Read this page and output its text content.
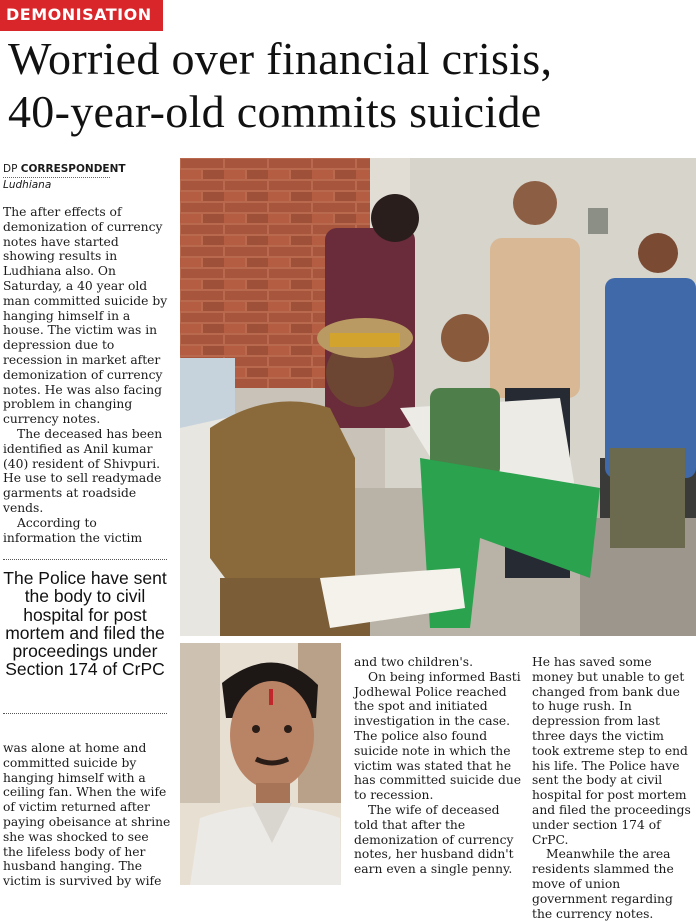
DEMONISATION
Worried over financial crisis,
40-year-old commits suicide
DP CORRESPONDENT
Ludhiana

The after effects of demonization of currency notes have started showing results in Ludhiana also. On Saturday, a 40 year old man committed suicide by hanging himself in a house. The victim was in depression due to recession in market after demonization of currency notes. He was also facing problem in changing currency notes.

The deceased has been identified as Anil kumar (40) resident of Shivpuri. He use to sell readymade garments at roadside vends.

According to information the victim

The Police have sent the body to civil hospital for post mortem and filed the proceedings under Section 174 of CrPC

was alone at home and committed suicide by hanging himself with a ceiling fan. When the wife of victim returned after paying obeisance at shrine she was shocked to see the lifeless body of her husband hanging. The victim is survived by wife

and two children's.

On being informed Basti Jodhewal Police reached the spot and initiated investigation in the case. The police also found suicide note in which the victim was stated that he has committed suicide due to recession.

The wife of deceased told that after the demonization of currency notes, her husband didn't earn even a single penny.

He has saved some money but unable to get changed from bank due to huge rush. In depression from last three days the victim took extreme step to end his life. The Police have sent the body at civil hospital for post mortem and filed the proceedings under section 174 of CrPC.

Meanwhile the area residents slammed the move of union government regarding the currency notes.
